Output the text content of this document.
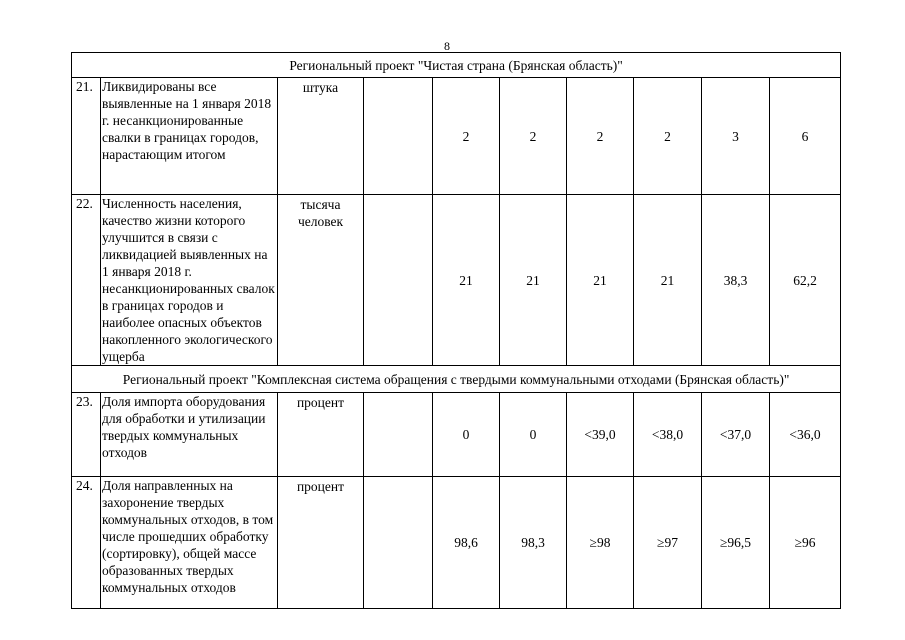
8
Региональный проект "Чистая страна (Брянская область)"									
21.	Ликвидированы все выявленные на 1 января 2018 г. несанкционированные свалки в границах городов, нарастающим итогом	штука		2	2	2	2	3	6
22.	Численность населения, качество жизни которого улучшится в связи с ликвидацией выявленных на 1 января 2018 г. несанкционированных свалок в границах городов и наиболее опасных объектов накопленного экологического ущерба	тысяча человек		21	21	21	21	38,3	62,2
Региональный проект "Комплексная система обращения с твердыми коммунальными отходами (Брянская область)"									
23.	Доля импорта оборудования для обработки и утилизации твердых коммунальных отходов	процент		0	0	<39,0	<38,0	<37,0	<36,0
24.	Доля направленных на захоронение твердых коммунальных отходов, в том числе прошедших обработку (сортировку), общей массе образованных твердых коммунальных отходов	процент		98,6	98,3	≥98	≥97	≥96,5	≥96
